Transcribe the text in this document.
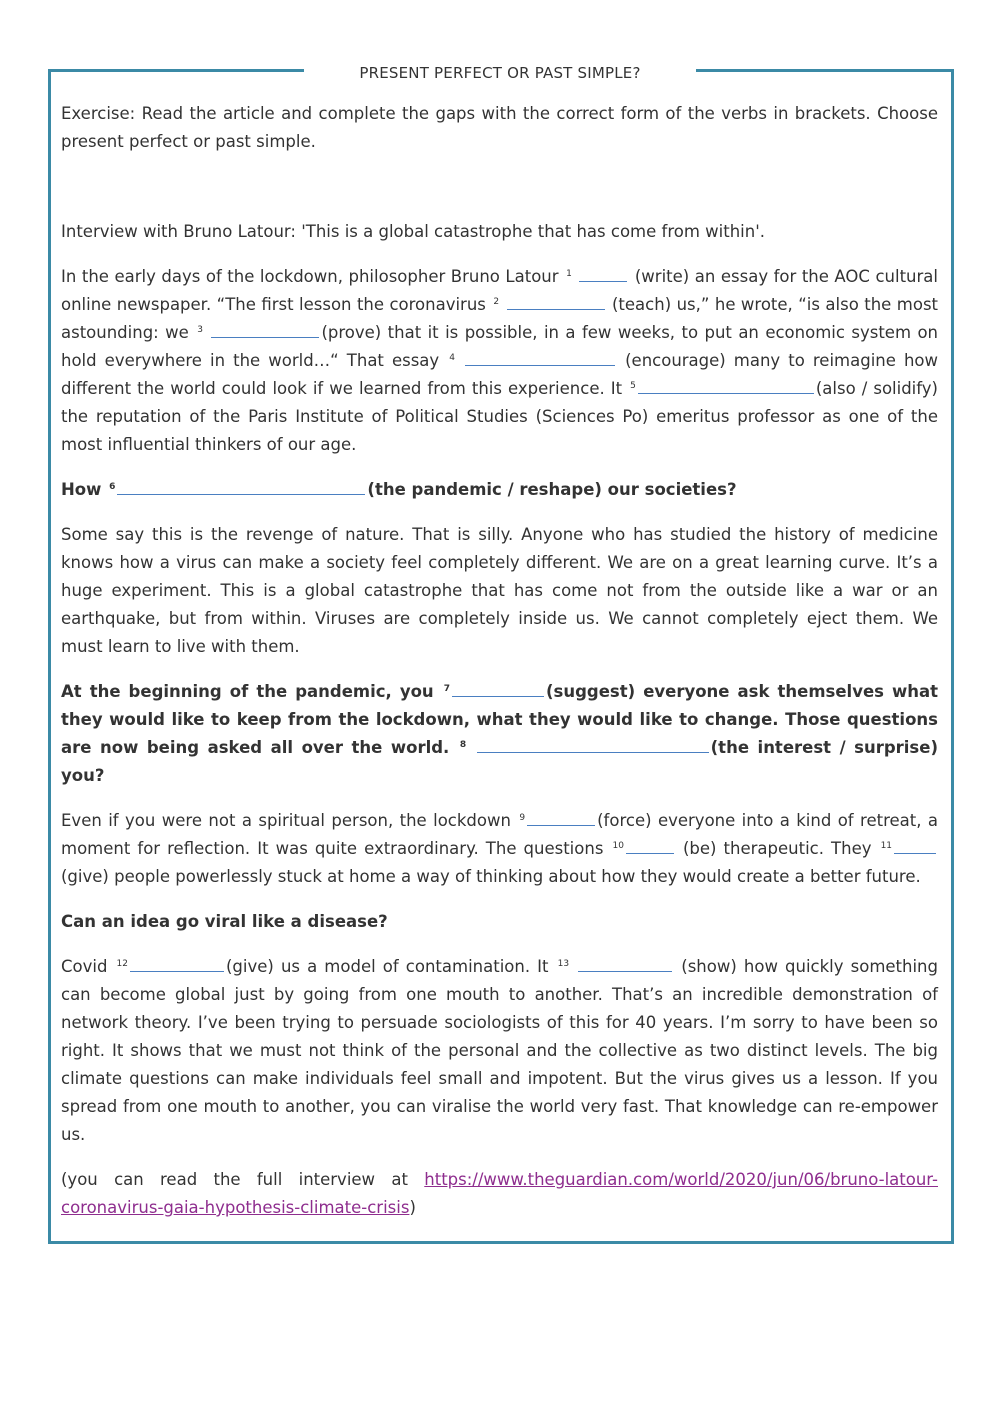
PRESENT PERFECT OR PAST SIMPLE?

Exercise: Read the article and complete the gaps with the correct form of the verbs in brackets. Choose present perfect or past simple.

Interview with Bruno Latour: 'This is a global catastrophe that has come from within'.

In the early days of the lockdown, philosopher Bruno Latour $^1$	(write) an essay for the AOC cultural online newspaper. “The first lesson the coronavirus $^2$	(teach) us,” he wrote, “is also the most astounding: we $^3$	(prove) that it is possible, in a few weeks, to put an economic system on hold everywhere in the world…“ That essay $^4$	(encourage) many to reimagine how different the world could look if we learned from this experience. It $^5$	(also / solidify) the reputation of the Paris Institute of Political Studies (Sciences Po) emeritus professor as one of the most influential thinkers of our age.

How $^6$	(the pandemic / reshape) our societies?

Some say this is the revenge of nature. That is silly. Anyone who has studied the history of medicine knows how a virus can make a society feel completely different. We are on a great learning curve. It’s a huge experiment. This is a global catastrophe that has come not from the outside like a war or an earthquake, but from within. Viruses are completely inside us. We cannot completely eject them. We must learn to live with them.

At the beginning of the pandemic, you $^7$	(suggest) everyone ask themselves what they would like to keep from the lockdown, what they would like to change. Those questions are now being asked all over the world. $^8$	(the interest / surprise) you?

Even if you were not a spiritual person, the lockdown $^9$	(force) everyone into a kind of retreat, a moment for reflection. It was quite extraordinary. The questions $^{10}$	(be) therapeutic. They $^{11}$(give) people powerlessly stuck at home a way of thinking about how they would create a better future.

Can an idea go viral like a disease?

Covid $^{12}$	(give) us a model of contamination. It $^{13}$	(show) how quickly something can become global just by going from one mouth to another. That’s an incredible demonstration of network theory. I’ve been trying to persuade sociologists of this for 40 years. I’m sorry to have been so right. It shows that we must not think of the personal and the collective as two distinct levels. The big climate questions can make individuals feel small and impotent. But the virus gives us a lesson. If you spread from one mouth to another, you can viralise the world very fast. That knowledge can re-empower us.

(you can read the full interview at https://www.theguardian.com/world/2020/jun/06/bruno-latour-coronavirus-gaia-hypothesis-climate-crisis)
